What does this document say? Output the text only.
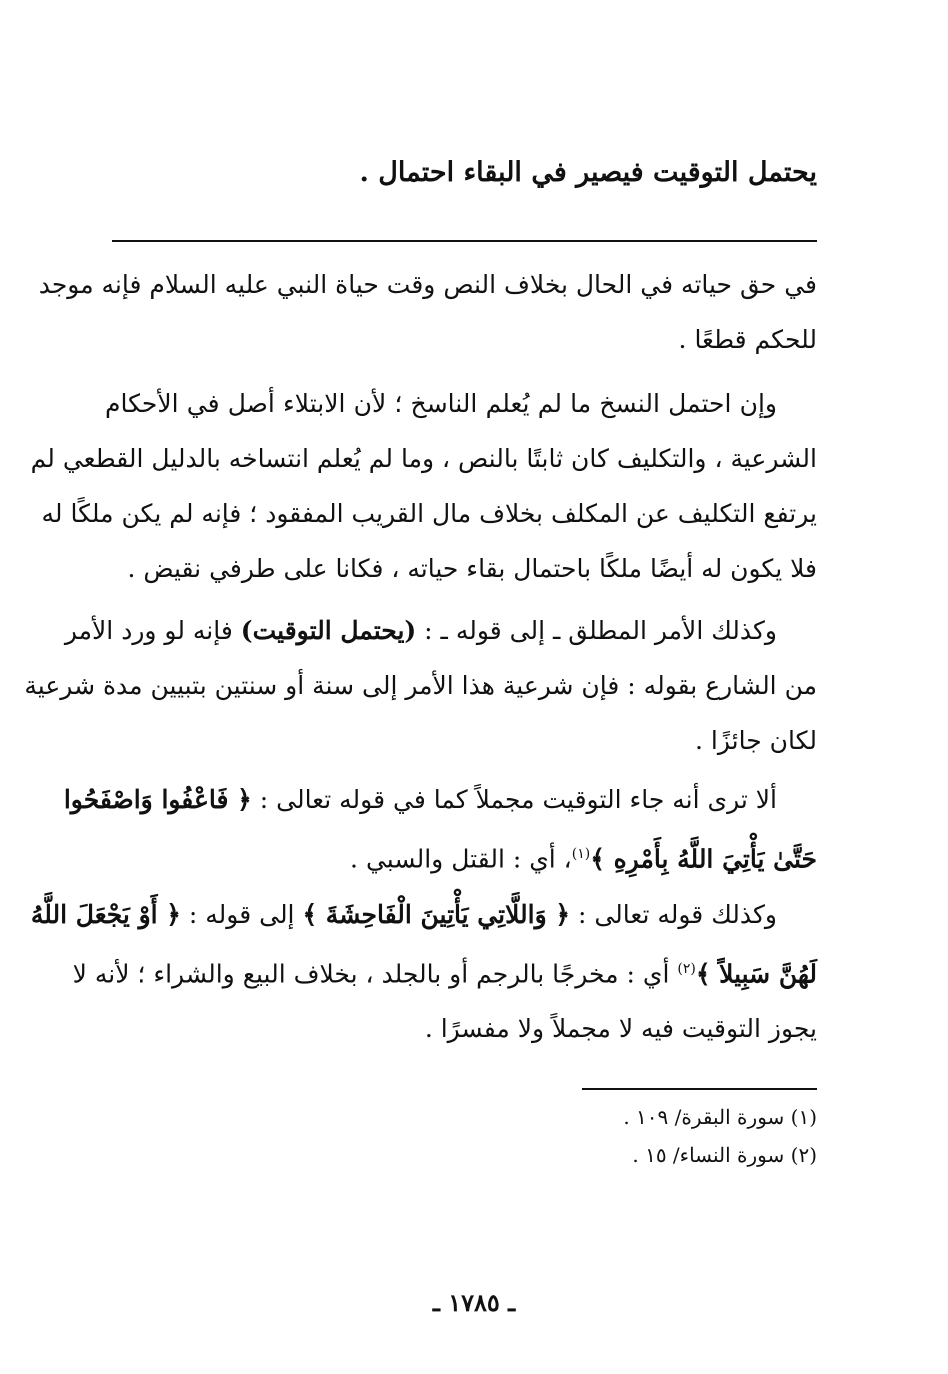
يحتمل التوقيت فيصير في البقاء احتمال .
في حق حياته في الحال بخلاف النص وقت حياة النبي عليه السلام فإنه موجد
للحكم قطعًا .
وإن احتمل النسخ ما لم يُعلم الناسخ ؛ لأن الابتلاء أصل في الأحكام
الشرعية ، والتكليف كان ثابتًا بالنص ، وما لم يُعلم انتساخه بالدليل القطعي لم
يرتفع التكليف عن المكلف بخلاف مال القريب المفقود ؛ فإنه لم يكن ملكًا له
فلا يكون له أيضًا ملكًا باحتمال بقاء حياته ، فكانا على طرفي نقيض .
وكذلك الأمر المطلق ـ إلى قوله ـ : (يحتمل التوقيت) فإنه لو ورد الأمر
من الشارع بقوله : فإن شرعية هذا الأمر إلى سنة أو سنتين بتبيين مدة شرعية
لكان جائزًا .
ألا ترى أنه جاء التوقيت مجملاً كما في قوله تعالى : ﴿ فَاعْفُوا وَاصْفَحُوا
حَتَّىٰ يَأْتِيَ اللَّهُ بِأَمْرِهِ ﴾$^{(١)}$، أي : القتل والسبي .
وكذلك قوله تعالى : ﴿ وَاللَّاتِي يَأْتِينَ الْفَاحِشَةَ ﴾ إلى قوله : ﴿ أَوْ يَجْعَلَ اللَّهُ
لَهُنَّ سَبِيلاً ﴾$^{(٢)}$ أي : مخرجًا بالرجم أو بالجلد ، بخلاف البيع والشراء ؛ لأنه لا
يجوز التوقيت فيه لا مجملاً ولا مفسرًا .
(١) سورة البقرة/ ١٠٩ .
(٢) سورة النساء/ ١٥ .
ـ ١٧٨٥ ـ
